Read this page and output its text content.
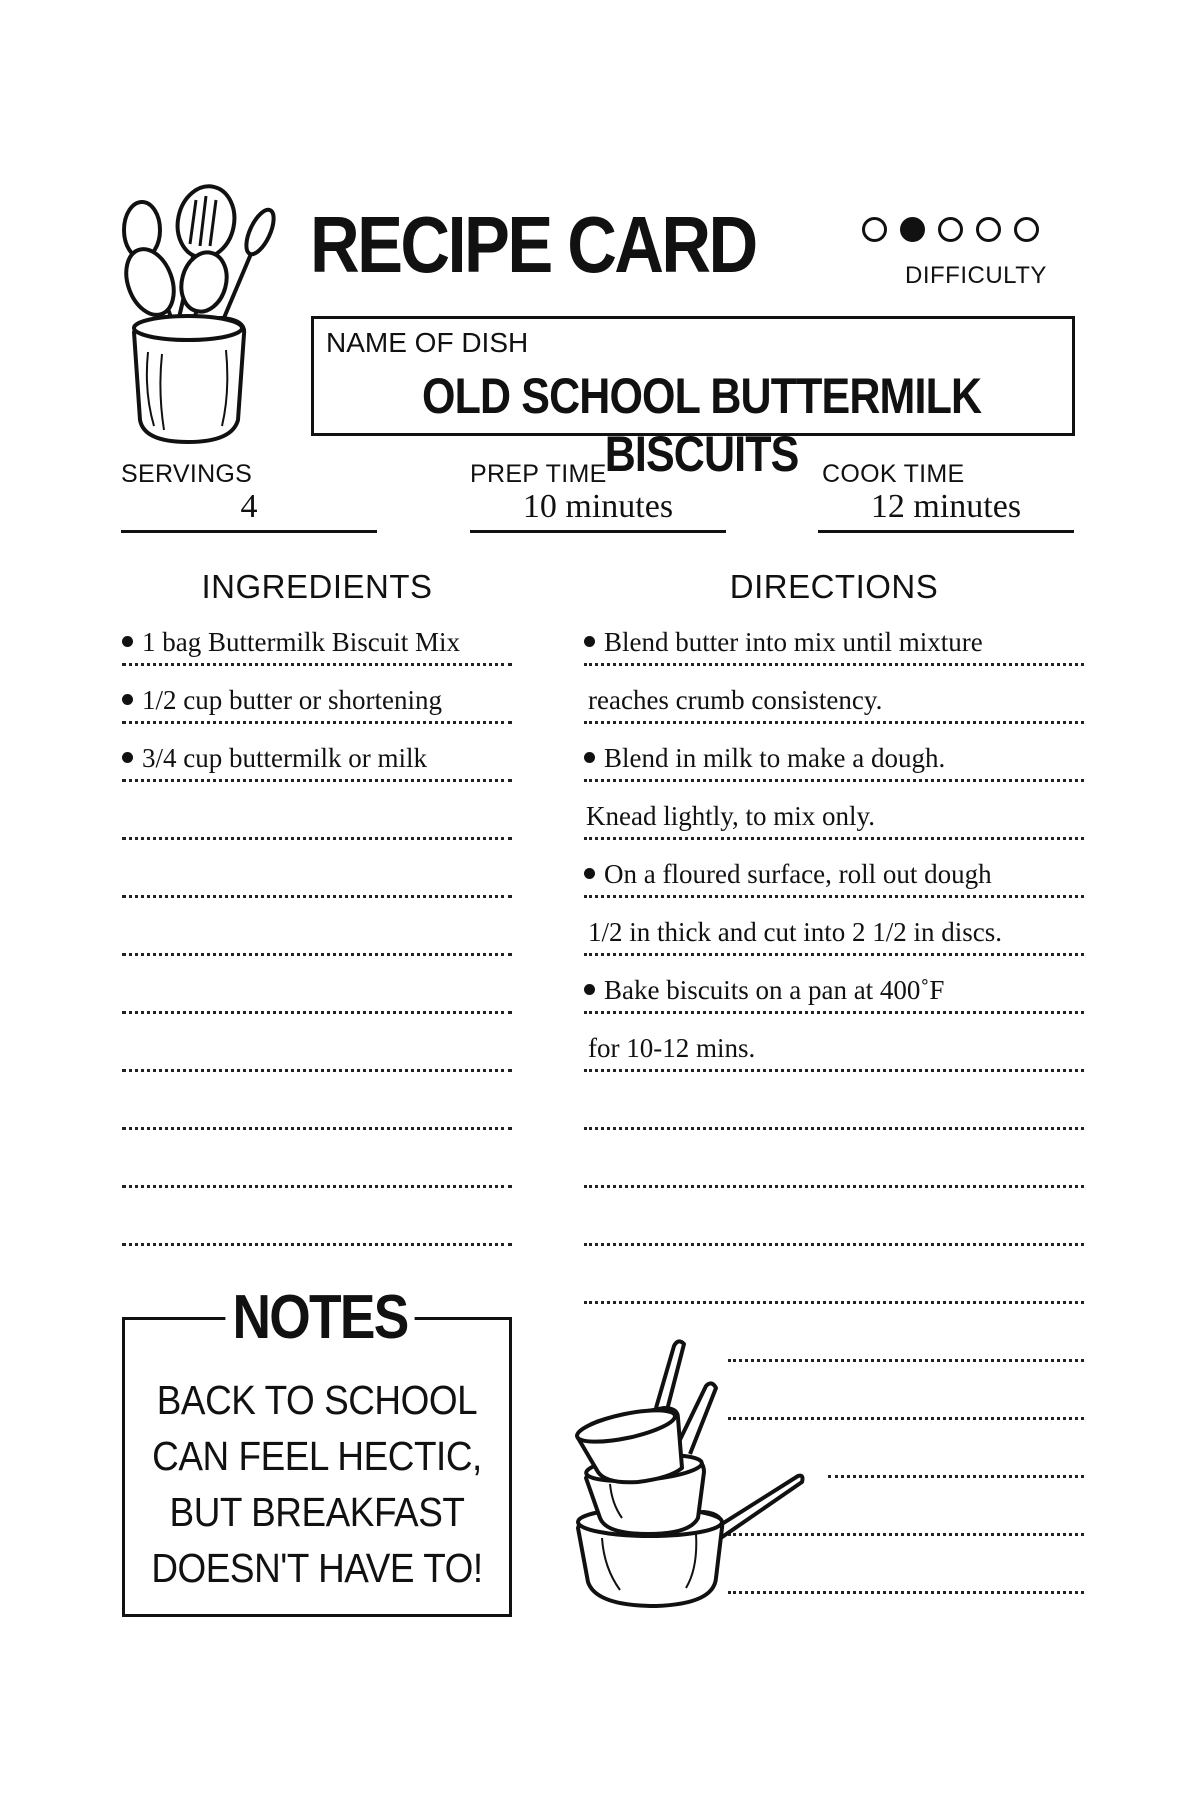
RECIPE CARD	DIFFICULTY
NAME OF DISH
OLD SCHOOL BUTTERMILK BISCUITS
SERVINGS
4
PREP TIME
10 minutes
COOK TIME
12 minutes
INGREDIENTS	DIRECTIONS
1 bag Buttermilk Biscuit Mix
1/2 cup butter or shortening
3/4 cup buttermilk or milk
Blend butter into mix until mixture
reaches crumb consistency.
Blend in milk to make a dough.
Knead lightly, to mix only.
On a floured surface, roll out dough
1/2 in thick and cut into 2 1/2 in discs.
Bake biscuits on a pan at 400˚F
for 10-12 mins.
BACK TO SCHOOL
CAN FEEL HECTIC,
BUT BREAKFAST
DOESN'T HAVE TO!
NOTES
